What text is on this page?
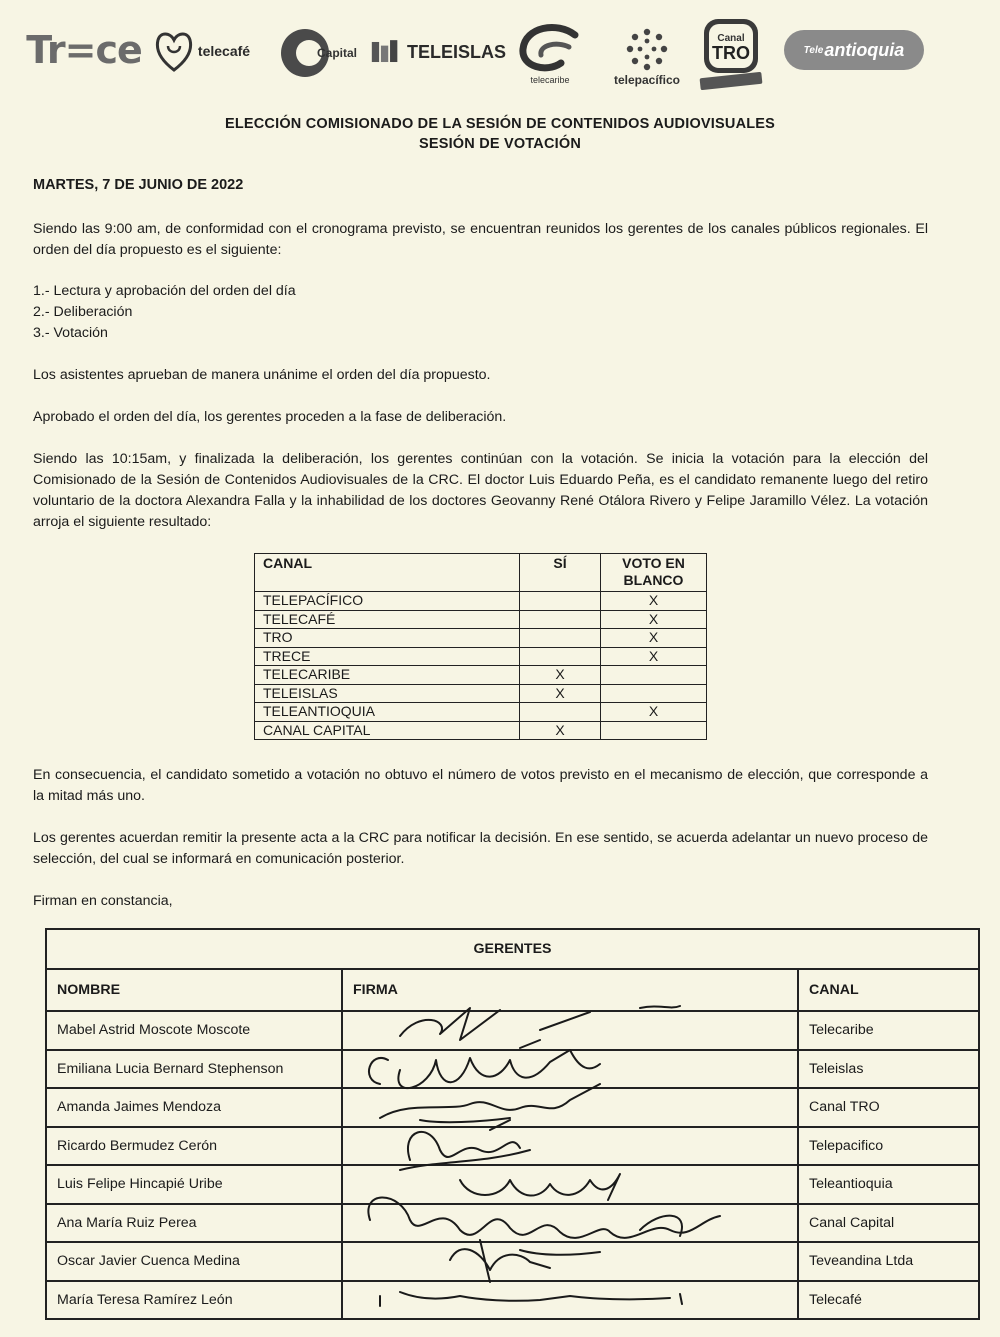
Tr=ce	telecafé	Capital	TELEISLAS
telecaribe	telepacífico
Canal
TRO	Tele antioquia
ELECCIÓN COMISIONADO DE LA SESIÓN DE CONTENIDOS AUDIOVISUALES
SESIÓN DE VOTACIÓN
MARTES, 7 DE JUNIO DE 2022
Siendo las 9:00 am, de conformidad con el cronograma previsto, se encuentran reunidos los gerentes de los canales públicos regionales. El orden del día propuesto es el siguiente:
1.- Lectura y aprobación del orden del día
2.- Deliberación
3.- Votación
Los asistentes aprueban de manera unánime el orden del día propuesto.
Aprobado el orden del día, los gerentes proceden a la fase de deliberación.
Siendo las 10:15am, y finalizada la deliberación, los gerentes continúan con la votación. Se inicia la votación para la elección del Comisionado de la Sesión de Contenidos Audiovisuales de la CRC. El doctor Luis Eduardo Peña, es el candidato remanente luego del retiro voluntario de la doctora Alexandra Falla y la inhabilidad de los doctores Geovanny René Otálora Rivero y Felipe Jaramillo Vélez. La votación arroja el siguiente resultado:
CANAL	SÍ	VOTO EN BLANCO
TELEPACÍFICO		X
TELECAFÉ		X
TRO		X
TRECE		X
TELECARIBE	X	
TELEISLAS	X	
TELEANTIOQUIA		X
CANAL CAPITAL	X	
En consecuencia, el candidato sometido a votación no obtuvo el número de votos previsto en el mecanismo de elección, que corresponde a la mitad más uno.
Los gerentes acuerdan remitir la presente acta a la CRC para notificar la decisión. En ese sentido, se acuerda adelantar un nuevo proceso de selección, del cual se informará en comunicación posterior.
Firman en constancia,
GERENTES		
NOMBRE	FIRMA	CANAL
Mabel Astrid Moscote Moscote		Telecaribe
Emiliana Lucia Bernard Stephenson		Teleislas
Amanda Jaimes Mendoza		Canal TRO
Ricardo Bermudez Cerón		Telepacifico
Luis Felipe Hincapié Uribe		Teleantioquia
Ana María Ruiz Perea		Canal Capital
Oscar Javier Cuenca Medina		Teveandina Ltda
María Teresa Ramírez León		Telecafé
